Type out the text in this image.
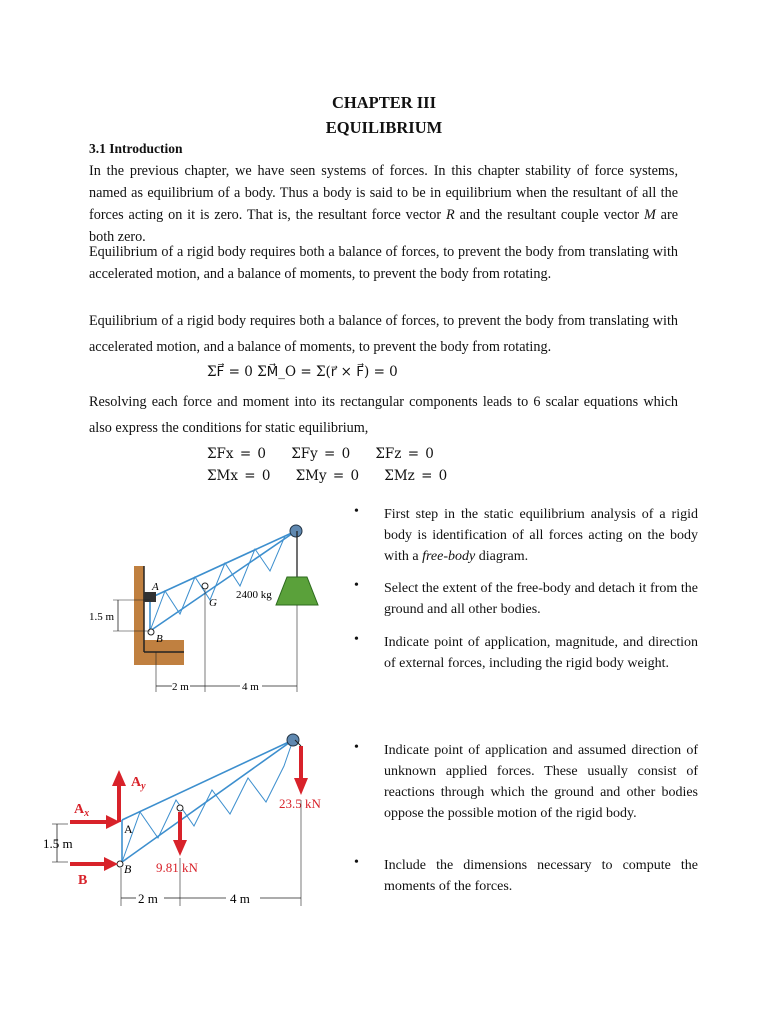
CHAPTER III
EQUILIBRIUM
3.1 Introduction

In the previous chapter, we have seen systems of forces. In this chapter stability of force systems, named as equilibrium of a body. Thus a body is said to be in equilibrium when the resultant of all the forces acting on it is zero. That is, the resultant force vector R and the resultant couple vector M are both zero.

Equilibrium of a rigid body requires both a balance of forces, to prevent the body from translating with accelerated motion, and a balance of moments, to prevent the body from rotating.
Equilibrium of a rigid body requires both a balance of forces, to prevent the body from translating with accelerated motion, and a balance of moments, to prevent the body from rotating.
ΣF⃗ = 0 ΣM⃗_O = Σ(r⃗ × F⃗) = 0
Resolving each force and moment into its rectangular components leads to 6 scalar equations which also express the conditions for static equilibrium,
ΣFx = 0 ΣFy = 0 ΣFz = 0
ΣMx = 0 ΣMy = 0 ΣMz = 0
• First step in the static equilibrium analysis of a rigid body is identification of all forces acting on the body with a free-body diagram.
• Select the extent of the free-body and detach it from the ground and all other bodies.
• Indicate point of application, magnitude, and direction of external forces, including the rigid body weight.
• Indicate point of application and assumed direction of unknown applied forces. These usually consist of reactions through which the ground and other bodies oppose the possible motion of the rigid body.
• Include the dimensions necessary to compute the moments of the forces.
A
B
G
2400 kg
1.5 m
2 m	4 m
$A_y$
$A_x$
B
A
B 9.81 kN
23.5 kN
1.5 m
2 m	4 m
